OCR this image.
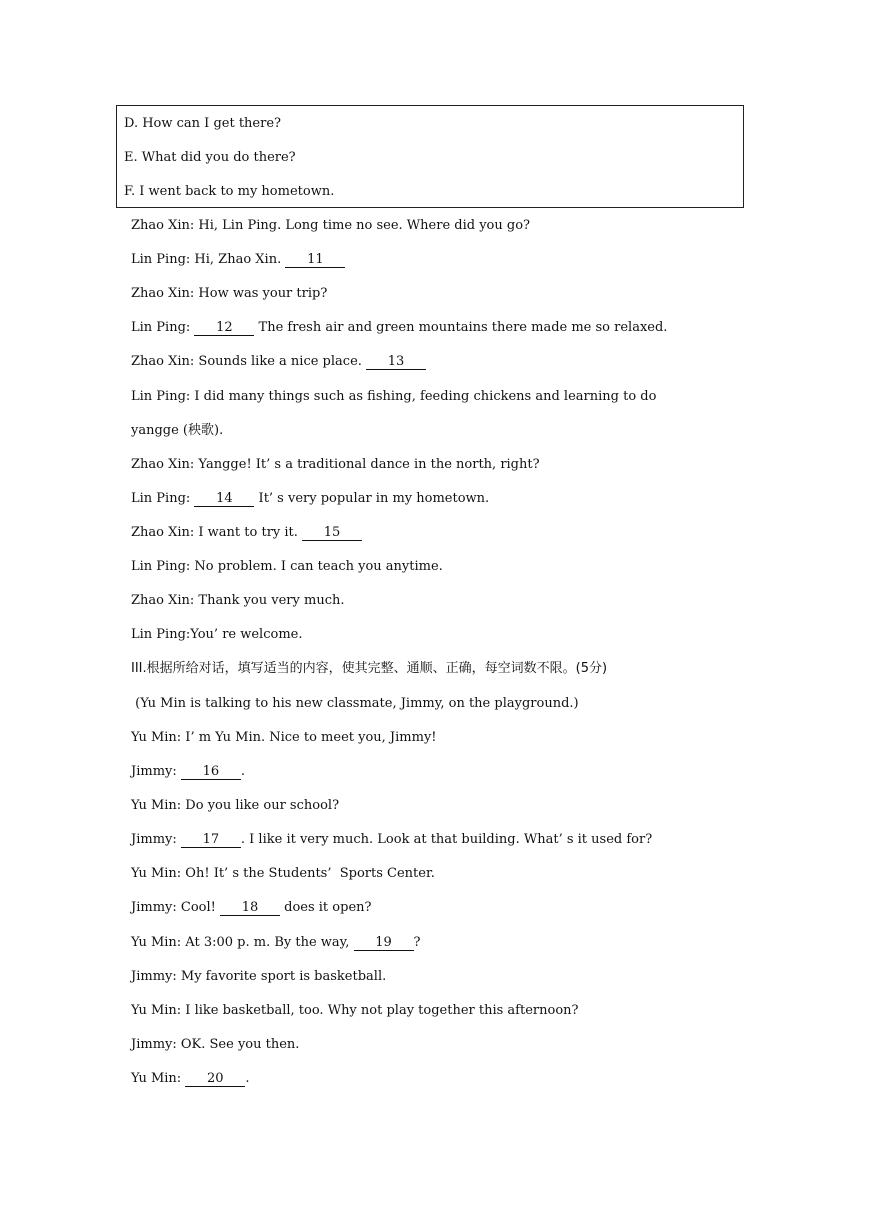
D. How can I get there?
E. What did you do there?
F. I went back to my hometown.
Zhao Xin: Hi, Lin Ping. Long time no see. Where did you go?
Lin Ping: Hi, Zhao Xin. 11
Zhao Xin: How was your trip?
Lin Ping: 12 The fresh air and green mountains there made me so relaxed.
Zhao Xin: Sounds like a nice place. 13
Lin Ping: I did many things such as fishing, feeding chickens and learning to do
yangge (秧歌).
Zhao Xin: Yangge! It’ s a traditional dance in the north, right?
Lin Ping: 14 It’ s very popular in my hometown.
Zhao Xin: I want to try it. 15
Lin Ping: No problem. I can teach you anytime.
Zhao Xin: Thank you very much.
Lin Ping:You’ re welcome.
III.根据所给对话，填写适当的内容，使其完整、通顺、正确，每空词数不限。(5分)
(Yu Min is talking to his new classmate, Jimmy, on the playground.)
Yu Min: I’ m Yu Min. Nice to meet you, Jimmy!
Jimmy: 16 .
Yu Min: Do you like our school?
Jimmy: 17 . I like it very much. Look at that building. What’ s it used for?
Yu Min: Oh! It’ s the Students’  Sports Center.
Jimmy: Cool! 18 does it open?
Yu Min: At 3:00 p. m. By the way, 19 ?
Jimmy: My favorite sport is basketball.
Yu Min: I like basketball, too. Why not play together this afternoon?
Jimmy: OK. See you then.
Yu Min: 20 .
